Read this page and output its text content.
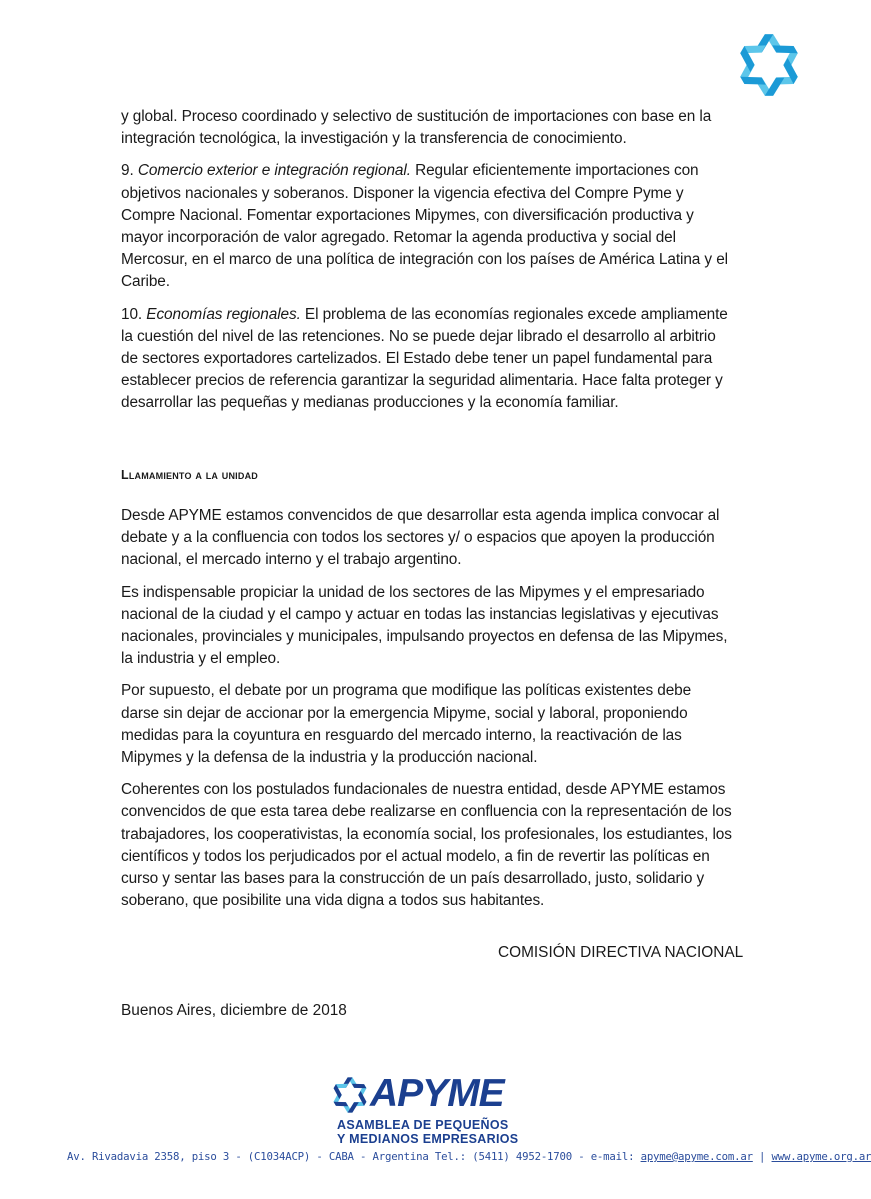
y global. Proceso coordinado y selectivo de sustitución de importaciones con base en la integración tecnológica, la investigación y la transferencia de conocimiento.

9. Comercio exterior e integración regional. Regular eficientemente importaciones con objetivos nacionales y soberanos. Disponer la vigencia efectiva del Compre Pyme y Compre Nacional. Fomentar exportaciones Mipymes, con diversificación productiva y mayor incorporación de valor agregado. Retomar la agenda productiva y social del Mercosur, en el marco de una política de integración con los países de América Latina y el Caribe.

10. Economías regionales. El problema de las economías regionales excede ampliamente la cuestión del nivel de las retenciones. No se puede dejar librado el desarrollo al arbitrio de sectores exportadores cartelizados. El Estado debe tener un papel fundamental para establecer precios de referencia garantizar la seguridad alimentaria. Hace falta proteger y desarrollar las pequeñas y medianas producciones y la economía familiar.

Llamamiento a la unidad

Desde APYME estamos convencidos de que desarrollar esta agenda implica convocar al debate y a la confluencia con todos los sectores y/ o espacios que apoyen la producción nacional, el mercado interno y el trabajo argentino.

Es indispensable propiciar la unidad de los sectores de las Mipymes y el empresariado nacional de la ciudad y el campo y actuar en todas las instancias legislativas y ejecutivas nacionales, provinciales y municipales, impulsando proyectos en defensa de las Mipymes, la industria y el empleo.

Por supuesto, el debate por un programa que modifique las políticas existentes debe darse sin dejar de accionar por la emergencia Mipyme, social y laboral, proponiendo medidas para la coyuntura en resguardo del mercado interno, la reactivación de las Mipymes y la defensa de la industria y la producción nacional.

Coherentes con los postulados fundacionales de nuestra entidad, desde APYME estamos convencidos de que esta tarea debe realizarse en confluencia con la representación de los trabajadores, los cooperativistas, la economía social, los profesionales, los estudiantes, los científicos y todos los perjudicados por el actual modelo, a fin de revertir las políticas en curso y sentar las bases para la construcción de un país desarrollado, justo, solidario y soberano, que posibilite una vida digna a todos sus habitantes.

COMISIÓN DIRECTIVA NACIONAL
Buenos Aires, diciembre de 2018
APYME
ASAMBLEA DE PEQUEÑOS
Y MEDIANOS EMPRESARIOS
Av. Rivadavia 2358, piso 3 - (C1034ACP) - CABA - Argentina Tel.: (5411) 4952-1700 - e-mail: apyme@apyme.com.ar | www.apyme.org.ar
